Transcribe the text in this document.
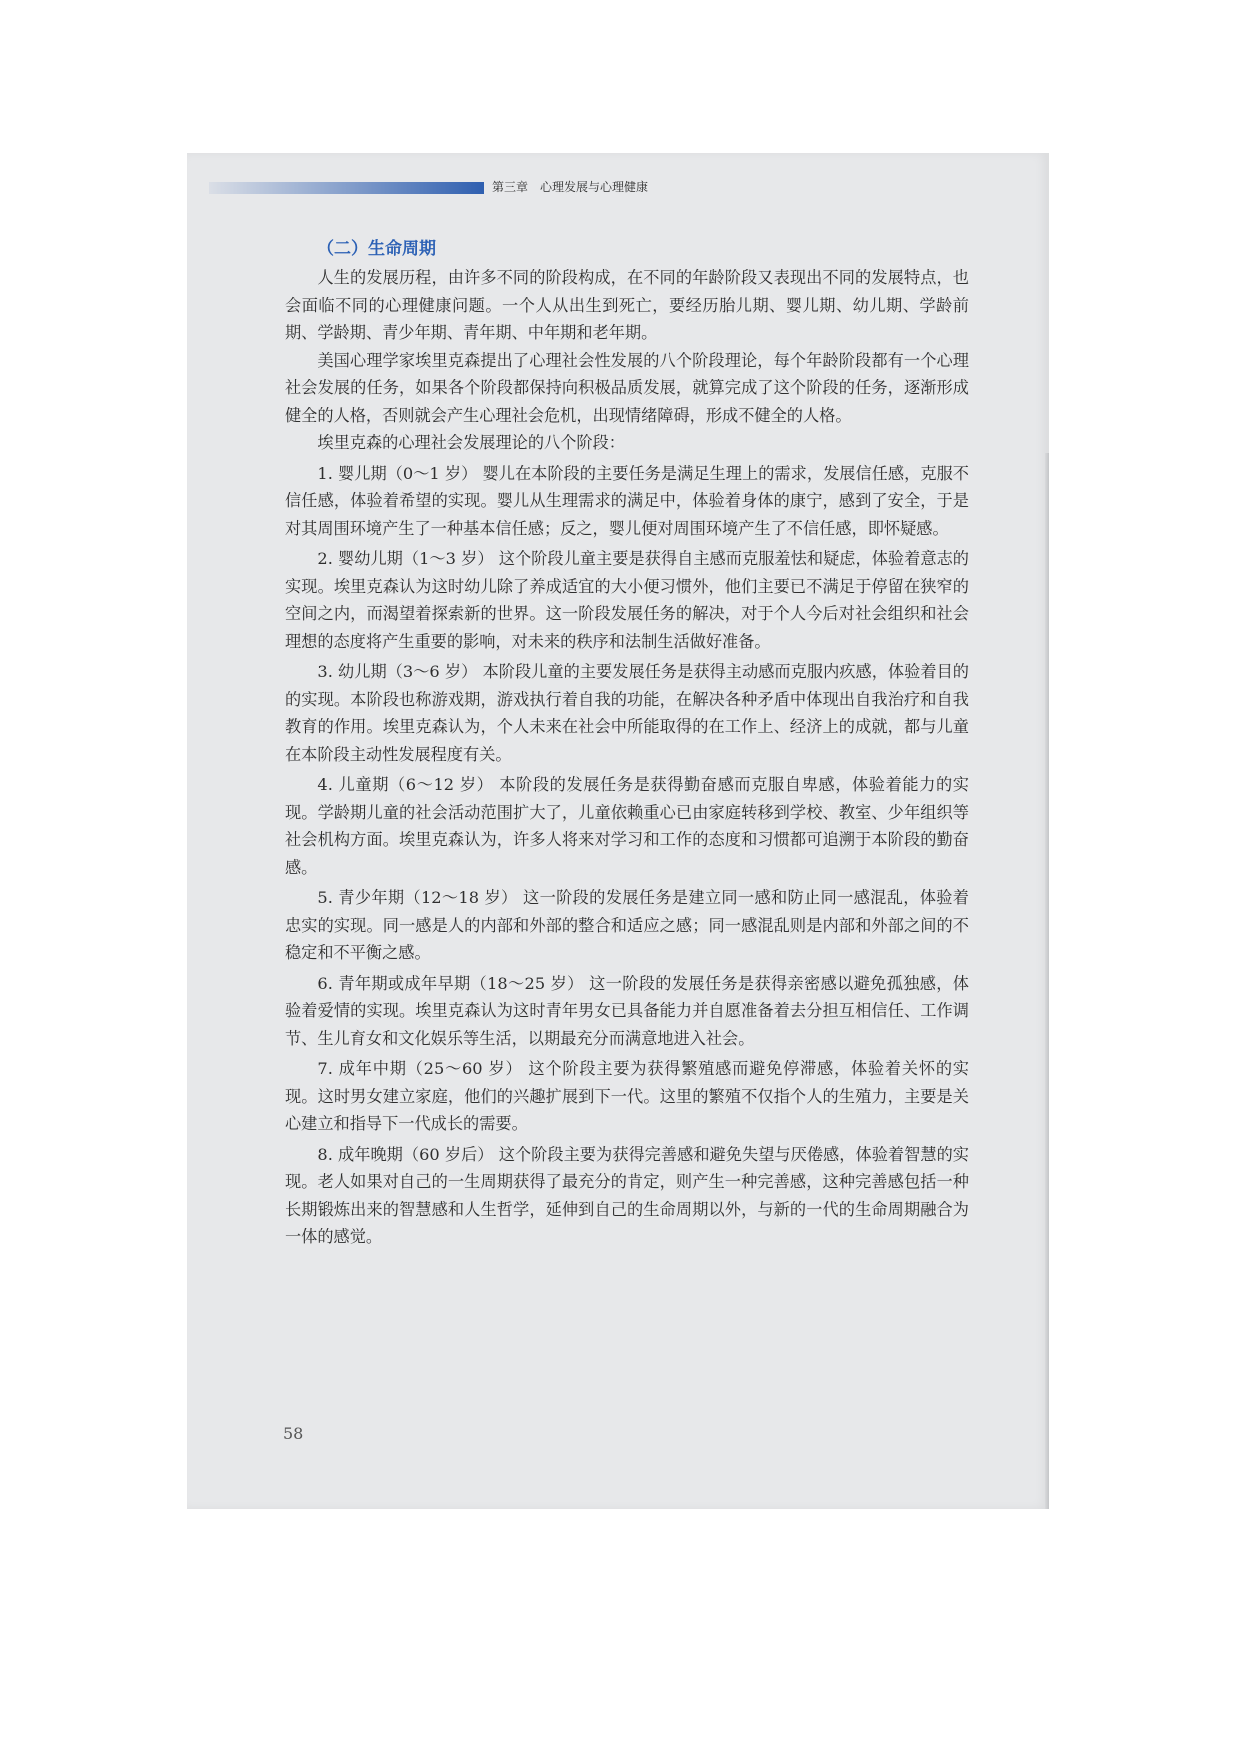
第三章 心理发展与心理健康
（二）生命周期

人生的发展历程，由许多不同的阶段构成，在不同的年龄阶段又表现出不同的发展特点，也会面临不同的心理健康问题。一个人从出生到死亡，要经历胎儿期、婴儿期、幼儿期、学龄前期、学龄期、青少年期、青年期、中年期和老年期。

美国心理学家埃里克森提出了心理社会性发展的八个阶段理论，每个年龄阶段都有一个心理社会发展的任务，如果各个阶段都保持向积极品质发展，就算完成了这个阶段的任务，逐渐形成健全的人格，否则就会产生心理社会危机，出现情绪障碍，形成不健全的人格。

埃里克森的心理社会发展理论的八个阶段：

1. 婴儿期（0～1 岁） 婴儿在本阶段的主要任务是满足生理上的需求，发展信任感，克服不信任感，体验着希望的实现。婴儿从生理需求的满足中，体验着身体的康宁，感到了安全，于是对其周围环境产生了一种基本信任感；反之，婴儿便对周围环境产生了不信任感，即怀疑感。

2. 婴幼儿期（1～3 岁） 这个阶段儿童主要是获得自主感而克服羞怯和疑虑，体验着意志的实现。埃里克森认为这时幼儿除了养成适宜的大小便习惯外，他们主要已不满足于停留在狭窄的空间之内，而渴望着探索新的世界。这一阶段发展任务的解决，对于个人今后对社会组织和社会理想的态度将产生重要的影响，对未来的秩序和法制生活做好准备。

3. 幼儿期（3～6 岁） 本阶段儿童的主要发展任务是获得主动感而克服内疚感，体验着目的的实现。本阶段也称游戏期，游戏执行着自我的功能，在解决各种矛盾中体现出自我治疗和自我教育的作用。埃里克森认为，个人未来在社会中所能取得的在工作上、经济上的成就，都与儿童在本阶段主动性发展程度有关。

4. 儿童期（6～12 岁） 本阶段的发展任务是获得勤奋感而克服自卑感，体验着能力的实现。学龄期儿童的社会活动范围扩大了，儿童依赖重心已由家庭转移到学校、教室、少年组织等社会机构方面。埃里克森认为，许多人将来对学习和工作的态度和习惯都可追溯于本阶段的勤奋感。

5. 青少年期（12～18 岁） 这一阶段的发展任务是建立同一感和防止同一感混乱，体验着忠实的实现。同一感是人的内部和外部的整合和适应之感；同一感混乱则是内部和外部之间的不稳定和不平衡之感。

6. 青年期或成年早期（18～25 岁） 这一阶段的发展任务是获得亲密感以避免孤独感，体验着爱情的实现。埃里克森认为这时青年男女已具备能力并自愿准备着去分担互相信任、工作调节、生儿育女和文化娱乐等生活，以期最充分而满意地进入社会。

7. 成年中期（25～60 岁） 这个阶段主要为获得繁殖感而避免停滞感，体验着关怀的实现。这时男女建立家庭，他们的兴趣扩展到下一代。这里的繁殖不仅指个人的生殖力，主要是关心建立和指导下一代成长的需要。

8. 成年晚期（60 岁后） 这个阶段主要为获得完善感和避免失望与厌倦感，体验着智慧的实现。老人如果对自己的一生周期获得了最充分的肯定，则产生一种完善感，这种完善感包括一种长期锻炼出来的智慧感和人生哲学，延伸到自己的生命周期以外，与新的一代的生命周期融合为一体的感觉。

58
